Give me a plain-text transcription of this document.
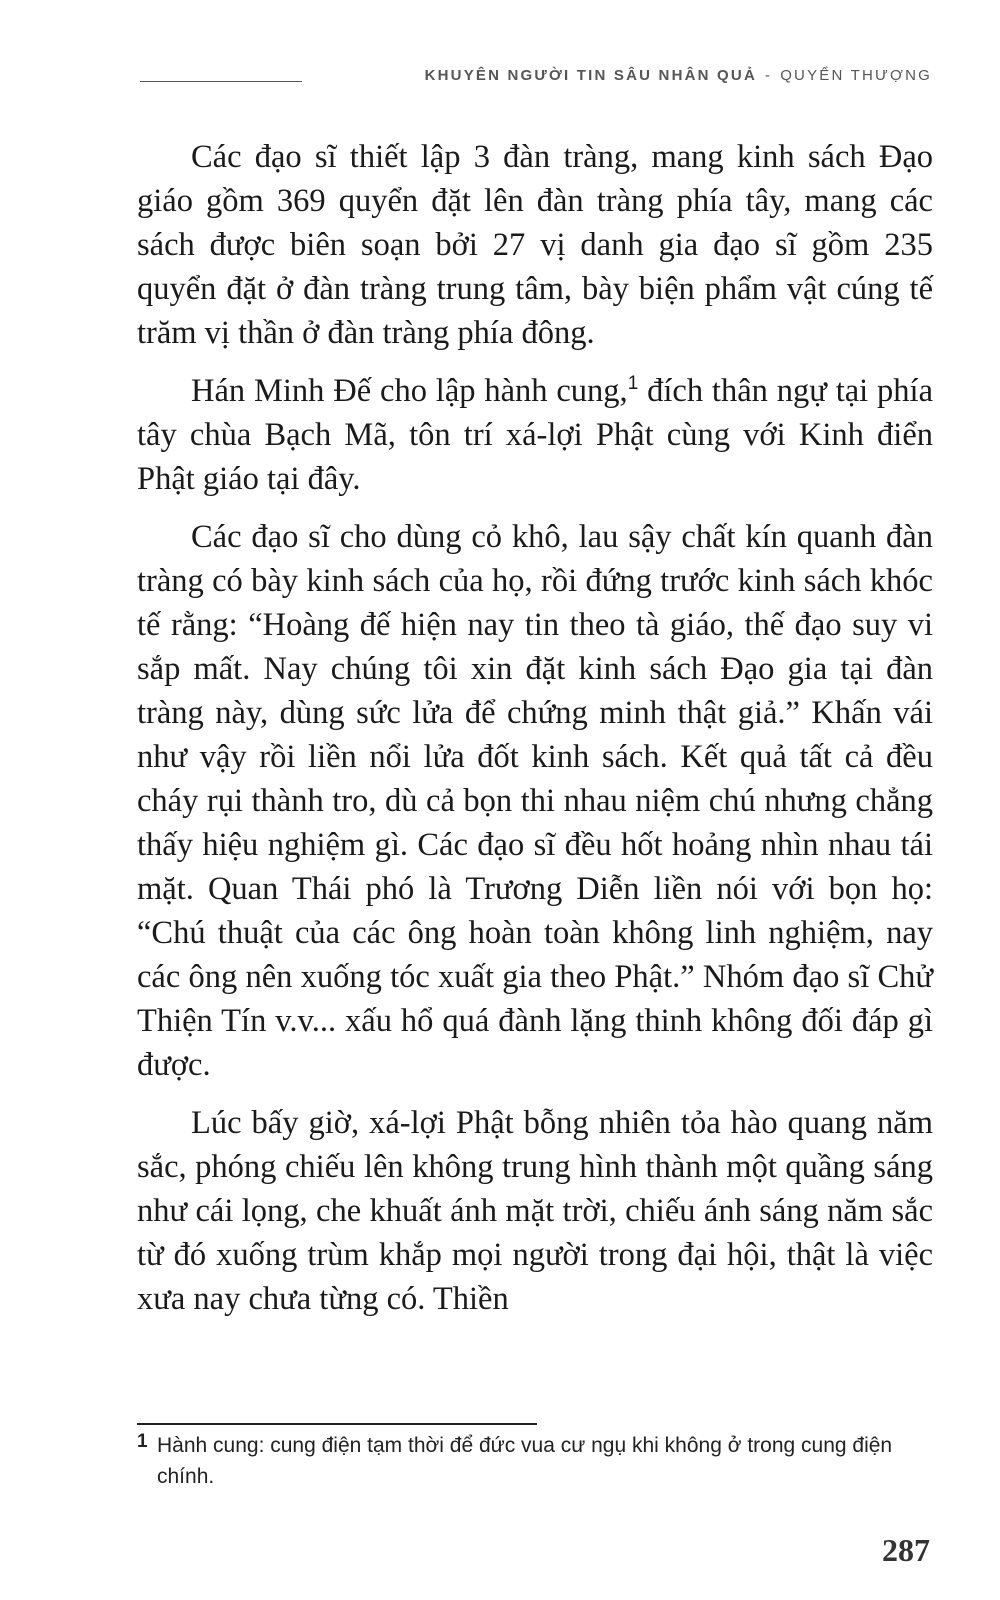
KHUYÊN NGƯỜI TIN SÂU NHÂN QUẢ - QUYỂN THƯỢNG

Các đạo sĩ thiết lập 3 đàn tràng, mang kinh sách Đạo giáo gồm 369 quyển đặt lên đàn tràng phía tây, mang các sách được biên soạn bởi 27 vị danh gia đạo sĩ gồm 235 quyển đặt ở đàn tràng trung tâm, bày biện phẩm vật cúng tế trăm vị thần ở đàn tràng phía đông.

Hán Minh Đế cho lập hành cung,$^1$ đích thân ngự tại phía tây chùa Bạch Mã, tôn trí xá-lợi Phật cùng với Kinh điển Phật giáo tại đây.

Các đạo sĩ cho dùng cỏ khô, lau sậy chất kín quanh đàn tràng có bày kinh sách của họ, rồi đứng trước kinh sách khóc tế rằng: “Hoàng đế hiện nay tin theo tà giáo, thế đạo suy vi sắp mất. Nay chúng tôi xin đặt kinh sách Đạo gia tại đàn tràng này, dùng sức lửa để chứng minh thật giả.” Khấn vái như vậy rồi liền nổi lửa đốt kinh sách. Kết quả tất cả đều cháy rụi thành tro, dù cả bọn thi nhau niệm chú nhưng chẳng thấy hiệu nghiệm gì. Các đạo sĩ đều hốt hoảng nhìn nhau tái mặt. Quan Thái phó là Trương Diễn liền nói với bọn họ: “Chú thuật của các ông hoàn toàn không linh nghiệm, nay các ông nên xuống tóc xuất gia theo Phật.” Nhóm đạo sĩ Chử Thiện Tín v.v... xấu hổ quá đành lặng thinh không đối đáp gì được.

Lúc bấy giờ, xá-lợi Phật bỗng nhiên tỏa hào quang năm sắc, phóng chiếu lên không trung hình thành một quầng sáng như cái lọng, che khuất ánh mặt trời, chiếu ánh sáng năm sắc từ đó xuống trùm khắp mọi người trong đại hội, thật là việc xưa nay chưa từng có. Thiền

1 Hành cung: cung điện tạm thời để đức vua cư ngụ khi không ở trong cung điện chính.
287
